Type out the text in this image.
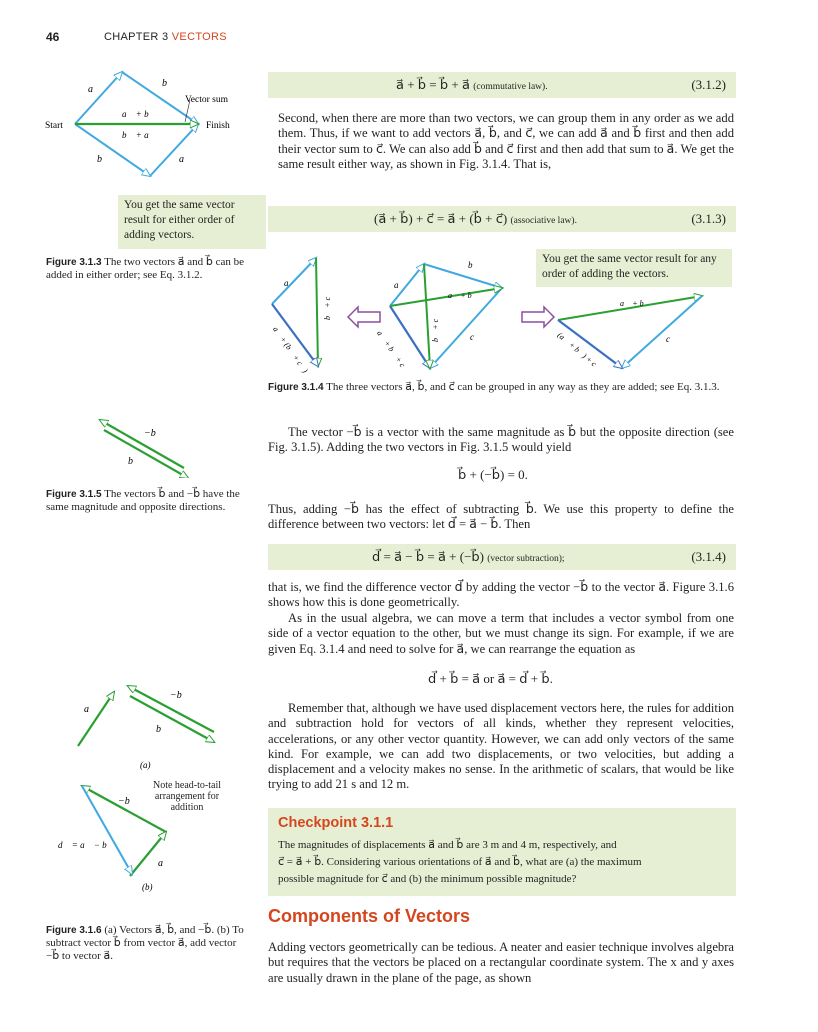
46	CHAPTER 3 VECTORS
Start	Finish
Vector sum
a⃗
b⃗
a⃗ + b⃗
b⃗ + a⃗
b⃗	a⃗
You get the same vector result for either order of adding vectors.
Figure 3.1.3 The two vectors a⃗ and b⃗ can be added in either order; see Eq. 3.1.2.
a⃗ + b⃗ = b⃗ + a⃗ (commutative law).	(3.1.2)
Second, when there are more than two vectors, we can group them in any order as we add them. Thus, if we want to add vectors a⃗, b⃗, and c⃗, we can add a⃗ and b⃗ first and then add their vector sum to c⃗. We can also add b⃗ and c⃗ first and then add that sum to a⃗. We get the same result either way, as shown in Fig. 3.1.4. That is,
(a⃗ + b⃗) + c⃗ = a⃗ + (b⃗ + c⃗) (associative law).	(3.1.3)
You get the same vector result for any order of adding the vectors.
a⃗
b⃗ + c⃗
a⃗ + (b⃗ + c⃗)
a⃗
b⃗
c⃗
a⃗ + b⃗
b⃗ + c⃗
a⃗ + b⃗ + c⃗
a⃗ + b⃗
c⃗
(a⃗ + b⃗) + c⃗
Figure 3.1.4 The three vectors a⃗, b⃗, and c⃗ can be grouped in any way as they are added; see Eq. 3.1.3.
The vector −b⃗ is a vector with the same magnitude as b⃗ but the opposite direction (see Fig. 3.1.5). Adding the two vectors in Fig. 3.1.5 would yield
b⃗ + (−b⃗) = 0.
Thus, adding −b⃗ has the effect of subtracting b⃗. We use this property to define the difference between two vectors: let d⃗ = a⃗ − b⃗. Then
−b⃗
b⃗
Figure 3.1.5 The vectors b⃗ and −b⃗ have the same magnitude and opposite directions.
d⃗ = a⃗ − b⃗ = a⃗ + (−b⃗) (vector subtraction);	(3.1.4)
that is, we find the difference vector d⃗ by adding the vector −b⃗ to the vector a⃗. Figure 3.1.6 shows how this is done geometrically.
As in the usual algebra, we can move a term that includes a vector symbol from one side of a vector equation to the other, but we must change its sign. For example, if we are given Eq. 3.1.4 and need to solve for a⃗, we can rearrange the equation as
d⃗ + b⃗ = a⃗ or a⃗ = d⃗ + b⃗.
Remember that, although we have used displacement vectors here, the rules for addition and subtraction hold for vectors of all kinds, whether they represent velocities, accelerations, or any other vector quantity. However, we can add only vectors of the same kind. For example, we can add two displacements, or two velocities, but adding a displacement and a velocity makes no sense. In the arithmetic of scalars, that would be like trying to add 21 s and 12 m.
a⃗
−b⃗
b⃗
(a)
−b⃗
a⃗
d⃗ = a⃗ − b⃗
(b)
Note head-to-tail arrangement for addition
Figure 3.1.6 (a) Vectors a⃗, b⃗, and −b⃗. (b) To subtract vector b⃗ from vector a⃗, add vector −b⃗ to vector a⃗.
Checkpoint 3.1.1
The magnitudes of displacements a⃗ and b⃗ are 3 m and 4 m, respectively, and
c⃗ = a⃗ + b⃗. Considering various orientations of a⃗ and b⃗, what are (a) the maximum
possible magnitude for c⃗ and (b) the minimum possible magnitude?
Components of Vectors
Adding vectors geometrically can be tedious. A neater and easier technique involves algebra but requires that the vectors be placed on a rectangular coordinate system. The x and y axes are usually drawn in the plane of the page, as shown
